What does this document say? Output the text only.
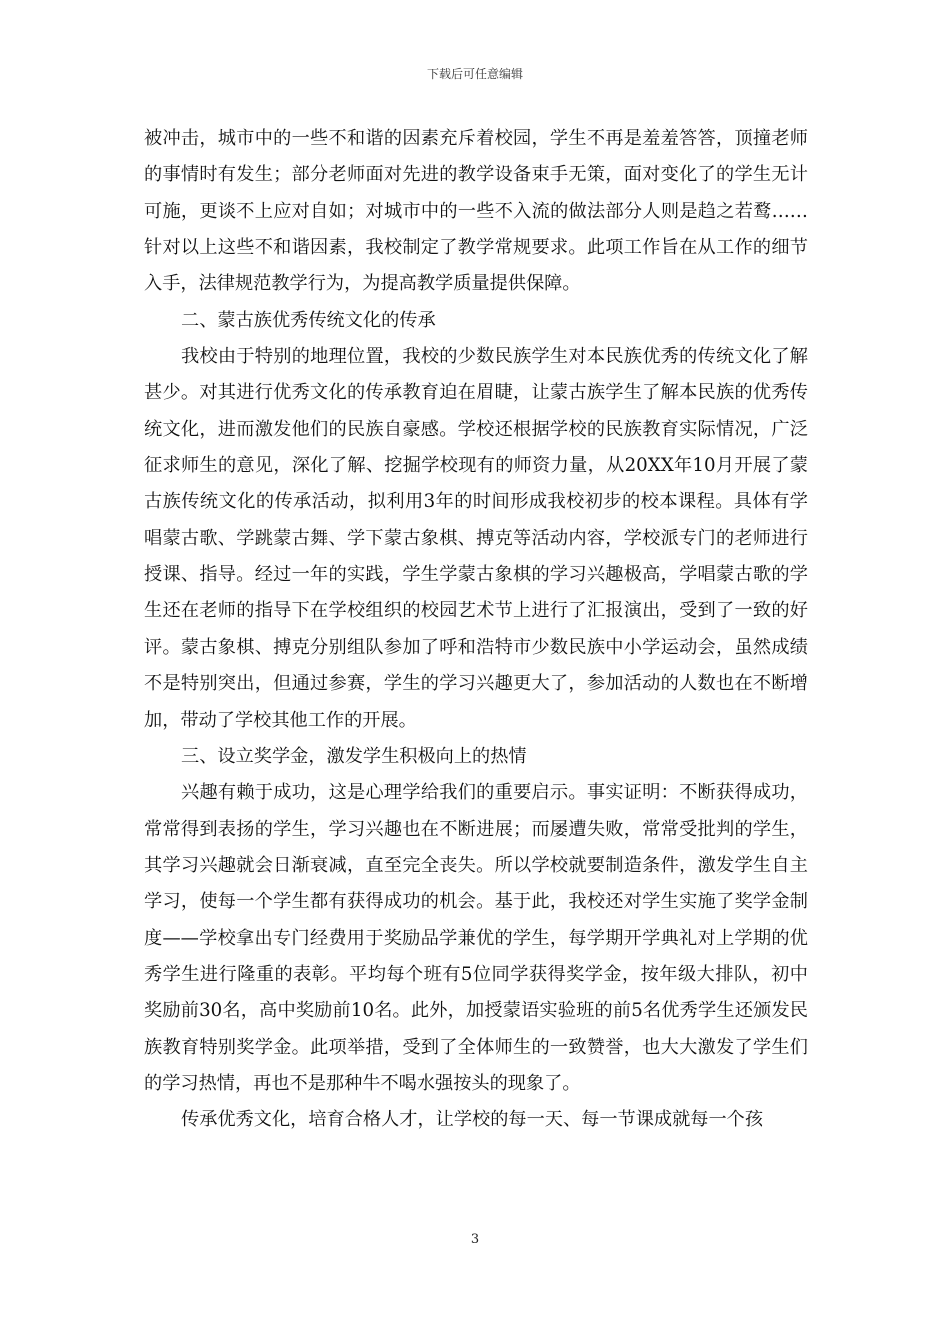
下载后可任意编辑

被冲击，城市中的一些不和谐的因素充斥着校园，学生不再是羞羞答答，顶撞老师的事情时有发生；部分老师面对先进的教学设备束手无策，面对变化了的学生无计可施，更谈不上应对自如；对城市中的一些不入流的做法部分人则是趋之若鹜……针对以上这些不和谐因素，我校制定了教学常规要求。此项工作旨在从工作的细节入手，法律规范教学行为，为提高教学质量提供保障。

二、蒙古族优秀传统文化的传承

我校由于特别的地理位置，我校的少数民族学生对本民族优秀的传统文化了解甚少。对其进行优秀文化的传承教育迫在眉睫，让蒙古族学生了解本民族的优秀传统文化，进而激发他们的民族自豪感。学校还根据学校的民族教育实际情况，广泛征求师生的意见，深化了解、挖掘学校现有的师资力量，从20XX年10月开展了蒙古族传统文化的传承活动，拟利用3年的时间形成我校初步的校本课程。具体有学唱蒙古歌、学跳蒙古舞、学下蒙古象棋、搏克等活动内容，学校派专门的老师进行授课、指导。经过一年的实践，学生学蒙古象棋的学习兴趣极高，学唱蒙古歌的学生还在老师的指导下在学校组织的校园艺术节上进行了汇报演出，受到了一致的好评。蒙古象棋、搏克分别组队参加了呼和浩特市少数民族中小学运动会，虽然成绩不是特别突出，但通过参赛，学生的学习兴趣更大了，参加活动的人数也在不断增加，带动了学校其他工作的开展。

三、设立奖学金，激发学生积极向上的热情

兴趣有赖于成功，这是心理学给我们的重要启示。事实证明：不断获得成功，常常得到表扬的学生，学习兴趣也在不断进展；而屡遭失败，常常受批判的学生，其学习兴趣就会日渐衰减，直至完全丧失。所以学校就要制造条件，激发学生自主学习，使每一个学生都有获得成功的机会。基于此，我校还对学生实施了奖学金制度——学校拿出专门经费用于奖励品学兼优的学生，每学期开学典礼对上学期的优秀学生进行隆重的表彰。平均每个班有5位同学获得奖学金，按年级大排队，初中奖励前30名，高中奖励前10名。此外，加授蒙语实验班的前5名优秀学生还颁发民族教育特别奖学金。此项举措，受到了全体师生的一致赞誉，也大大激发了学生们的学习热情，再也不是那种牛不喝水强按头的现象了。

传承优秀文化，培育合格人才，让学校的每一天、每一节课成就每一个孩

3
